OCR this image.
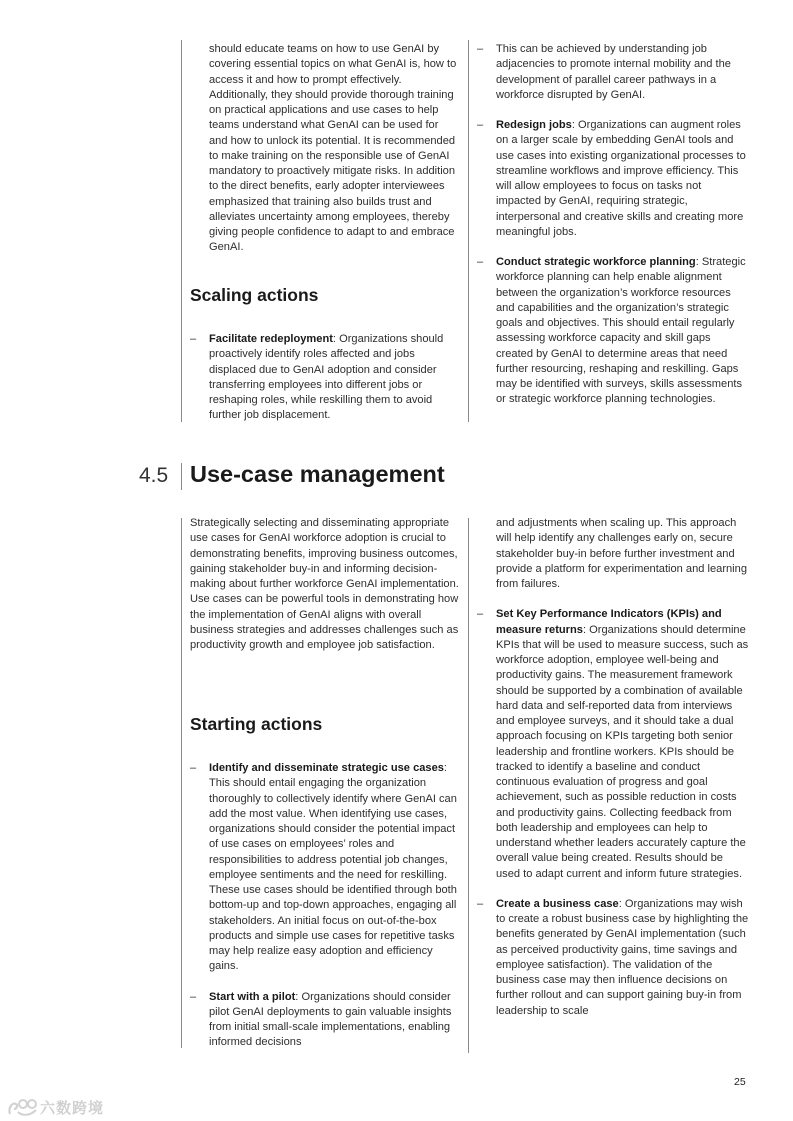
should educate teams on how to use GenAI by covering essential topics on what GenAI is, how to access it and how to prompt effectively. Additionally, they should provide thorough training on practical applications and use cases to help teams understand what GenAI can be used for and how to unlock its potential. It is recommended to make training on the responsible use of GenAI mandatory to proactively mitigate risks. In addition to the direct benefits, early adopter interviewees emphasized that training also builds trust and alleviates uncertainty among employees, thereby giving people confidence to adapt to and embrace GenAI.

Scaling actions
– Facilitate redeployment: Organizations should proactively identify roles affected and jobs displaced due to GenAI adoption and consider transferring employees into different jobs or reshaping roles, while reskilling them to avoid further job displacement.
– This can be achieved by understanding job adjacencies to promote internal mobility and the development of parallel career pathways in a workforce disrupted by GenAI.
– Redesign jobs: Organizations can augment roles on a larger scale by embedding GenAI tools and use cases into existing organizational processes to streamline workflows and improve efficiency. This will allow employees to focus on tasks not impacted by GenAI, requiring strategic, interpersonal and creative skills and creating more meaningful jobs.
– Conduct strategic workforce planning: Strategic workforce planning can help enable alignment between the organization’s workforce resources and capabilities and the organization’s strategic goals and objectives. This should entail regularly assessing workforce capacity and skill gaps created by GenAI to determine areas that need further resourcing, reshaping and reskilling. Gaps may be identified with surveys, skills assessments or strategic workforce planning technologies.
4.5 Use-case management

Strategically selecting and disseminating appropriate use cases for GenAI workforce adoption is crucial to demonstrating benefits, improving business outcomes, gaining stakeholder buy-in and informing decision-making about further workforce GenAI implementation. Use cases can be powerful tools in demonstrating how the implementation of GenAI aligns with overall business strategies and addresses challenges such as productivity growth and employee job satisfaction.

Starting actions
– Identify and disseminate strategic use cases: This should entail engaging the organization thoroughly to collectively identify where GenAI can add the most value. When identifying use cases, organizations should consider the potential impact of use cases on employees’ roles and responsibilities to address potential job changes, employee sentiments and the need for reskilling. These use cases should be identified through both bottom-up and top-down approaches, engaging all stakeholders. An initial focus on out-of-the-box products and simple use cases for repetitive tasks may help realize easy adoption and efficiency gains.
– Start with a pilot: Organizations should consider pilot GenAI deployments to gain valuable insights from initial small-scale implementations, enabling informed decisions

and adjustments when scaling up. This approach will help identify any challenges early on, secure stakeholder buy-in before further investment and provide a platform for experimentation and learning from failures.

– Set Key Performance Indicators (KPIs) and measure returns: Organizations should determine KPIs that will be used to measure success, such as workforce adoption, employee well-being and productivity gains. The measurement framework should be supported by a combination of available hard data and self-reported data from interviews and employee surveys, and it should take a dual approach focusing on KPIs targeting both senior leadership and frontline workers. KPIs should be tracked to identify a baseline and conduct continuous evaluation of progress and goal achievement, such as possible reduction in costs and productivity gains. Collecting feedback from both leadership and employees can help to understand whether leaders accurately capture the overall value being created. Results should be used to adapt current and inform future strategies.
– Create a business case: Organizations may wish to create a robust business case by highlighting the benefits generated by GenAI implementation (such as perceived productivity gains, time savings and employee satisfaction). The validation of the business case may then influence decisions on further rollout and can support gaining buy-in from leadership to scale
25
六数跨境
